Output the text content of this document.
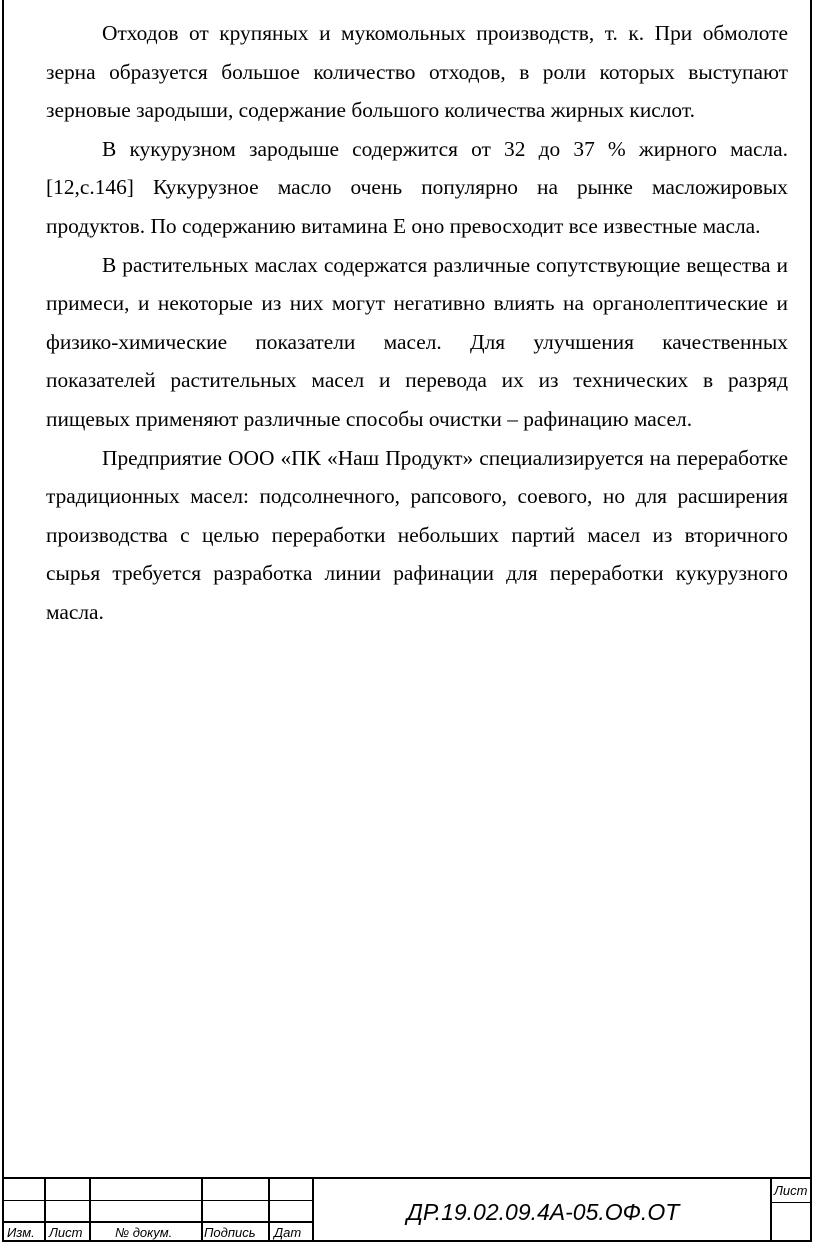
Отходов от крупяных и мукомольных производств, т. к. При обмолоте зерна образуется большое количество отходов, в роли которых выступают зерновые зародыши, содержание большого количества жирных кислот.

В кукурузном зародыше содержится от 32 до 37 % жирного масла. [12,с.146] Кукурузное масло очень популярно на рынке масложировых продуктов. По содержанию витамина Е оно превосходит все известные масла.

В растительных маслах содержатся различные сопутствующие вещества и примеси, и некоторые из них могут негативно влиять на органолептические и физико-химические показатели масел. Для улучшения качественных показателей растительных масел и перевода их из технических в разряд пищевых применяют различные способы очистки – рафинацию масел.

Предприятие ООО «ПК «Наш Продукт» специализируется на переработке традиционных масел: подсолнечного, рапсового, соевого, но для расширения производства с целью переработки небольших партий масел из вторичного сырья требуется разработка линии рафинации для переработки кукурузного масла.

Изм. Лист	№ докум. Подпись Дат
Лист
ДР.19.02.09.4А-05.ОФ.ОТ
